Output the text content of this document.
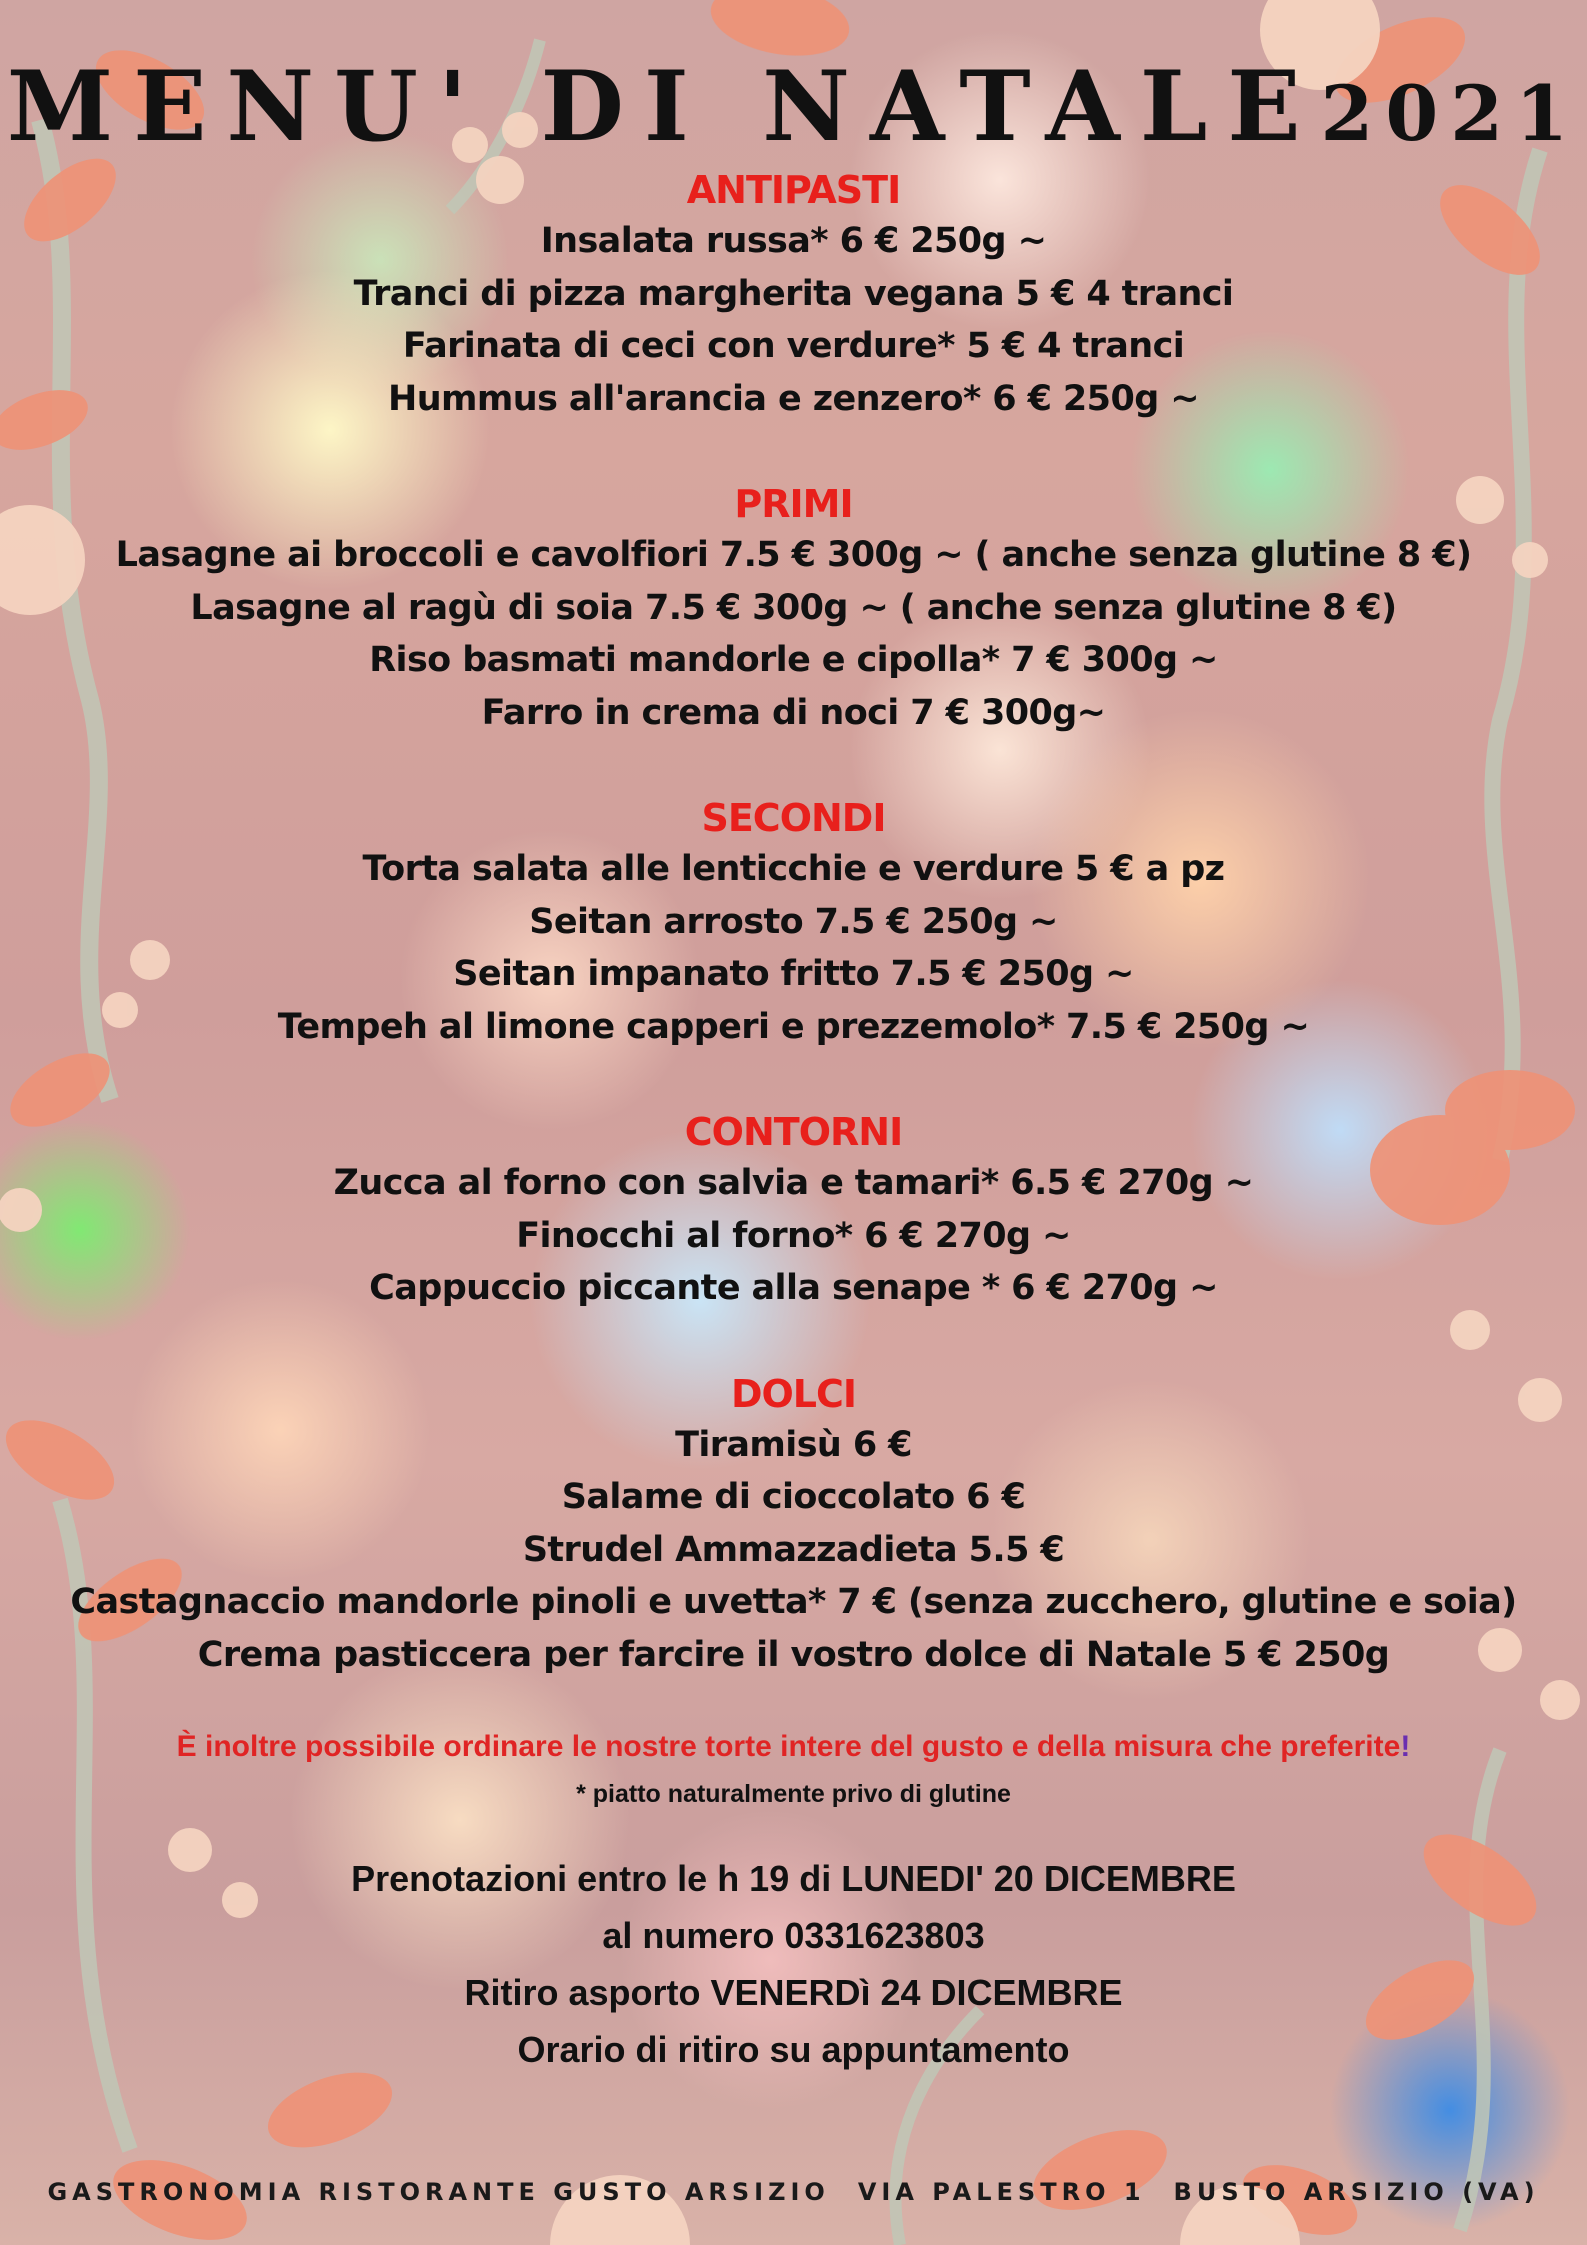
MENU' DI NATALE2021
ANTIPASTI
Insalata russa* 6 € 250g ~
Tranci di pizza margherita vegana 5 € 4 tranci
Farinata di ceci con verdure* 5 € 4 tranci
Hummus all'arancia e zenzero* 6 € 250g ~
PRIMI
Lasagne ai broccoli e cavolfiori 7.5 € 300g ~ ( anche senza glutine 8 €)
Lasagne al ragù di soia 7.5 € 300g ~ ( anche senza glutine 8 €)
Riso basmati mandorle e cipolla* 7 € 300g ~
Farro in crema di noci 7 € 300g~
SECONDI
Torta salata alle lenticchie e verdure 5 € a pz
Seitan arrosto 7.5 € 250g ~
Seitan impanato fritto 7.5 € 250g ~
Tempeh al limone capperi e prezzemolo* 7.5 € 250g ~
CONTORNI
Zucca al forno con salvia e tamari* 6.5 € 270g ~
Finocchi al forno* 6 € 270g ~
Cappuccio piccante alla senape * 6 € 270g ~
DOLCI
Tiramisù 6 €
Salame di cioccolato 6 €
Strudel Ammazzadieta 5.5 €
Castagnaccio mandorle pinoli e uvetta* 7 € (senza zucchero, glutine e soia)
Crema pasticcera per farcire il vostro dolce di Natale 5 € 250g
È inoltre possibile ordinare le nostre torte intere del gusto e della misura che preferite!
* piatto naturalmente privo di glutine
Prenotazioni entro le h 19 di LUNEDI' 20 DICEMBRE
al numero 0331623803
Ritiro asporto VENERDì 24 DICEMBRE
Orario di ritiro su appuntamento
GASTRONOMIA RISTORANTE GUSTO ARSIZIO VIA PALESTRO 1 BUSTO ARSIZIO (VA)
